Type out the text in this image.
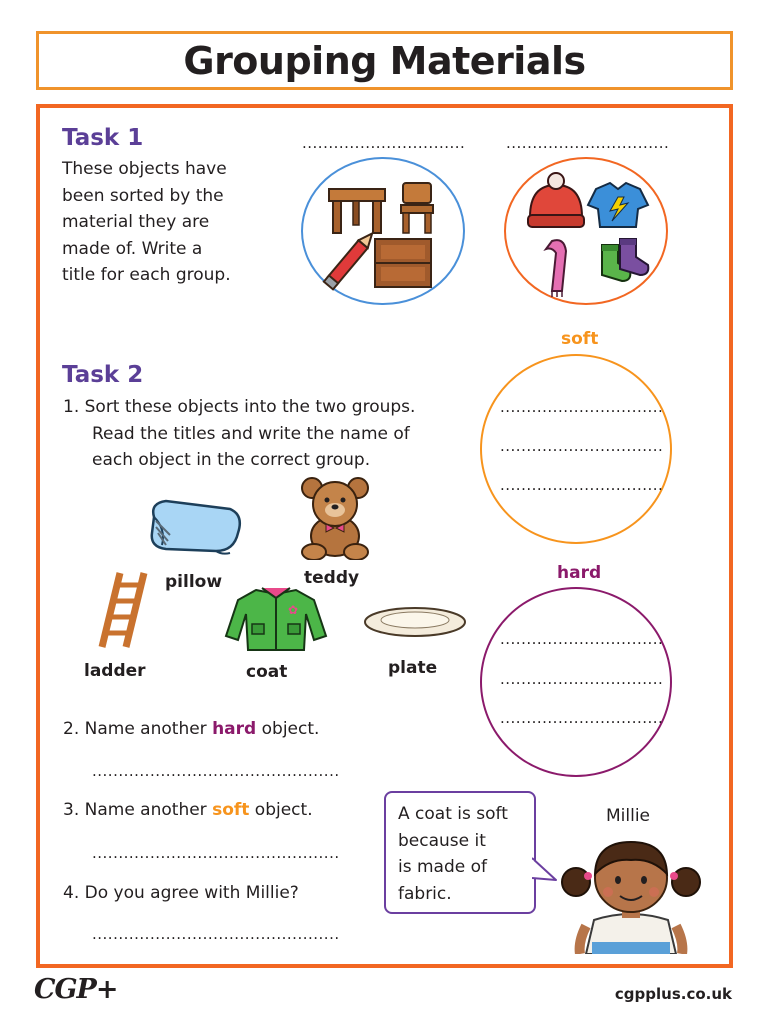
Grouping Materials
Task 1
These objects have
been sorted by the
material they are
made of. Write a
title for each group.
...............................	...............................
Task 2
1. Sort these objects into the two groups.
Read the titles and write the name of
each object in the correct group.
soft
...............................
...............................
...............................
hard
...............................
...............................
...............................
pillow	teddy
ladder
✿
coat	plate
2. Name another hard object.
...............................................
3. Name another soft object.
...............................................
4. Do you agree with Millie?
...............................................
A coat is soft
because it
is made of
fabric.
Millie
CGP+	cgpplus.co.uk
